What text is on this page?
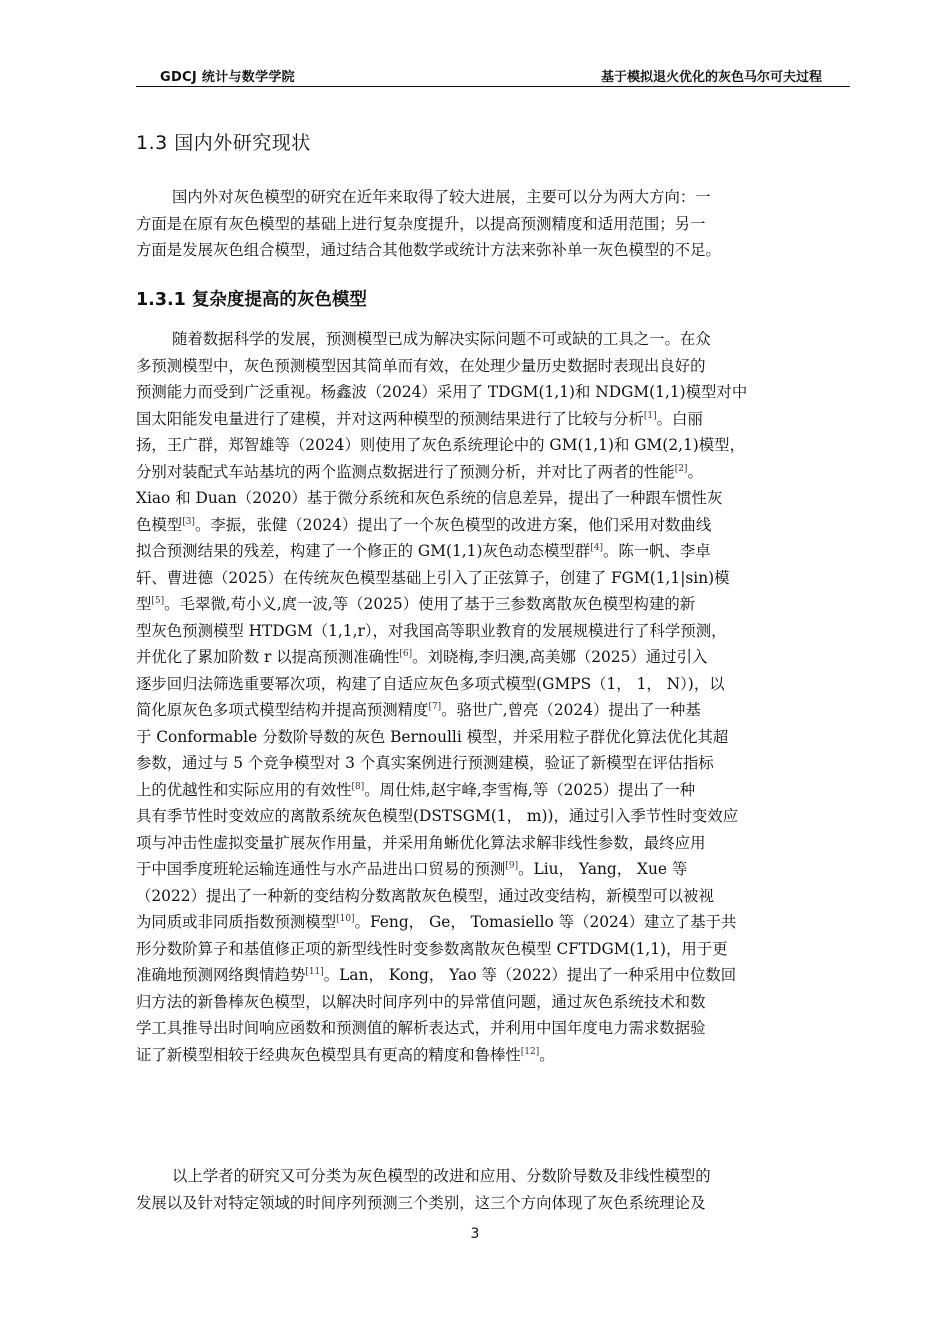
GDCJ 统计与数学学院	基于模拟退火优化的灰色马尔可夫过程
1.3 国内外研究现状
国内外对灰色模型的研究在近年来取得了较大进展，主要可以分为两大方向：一
方面是在原有灰色模型的基础上进行复杂度提升，以提高预测精度和适用范围；另一
方面是发展灰色组合模型，通过结合其他数学或统计方法来弥补单一灰色模型的不足。
1.3.1 复杂度提高的灰色模型
随着数据科学的发展，预测模型已成为解决实际问题不可或缺的工具之一。在众
多预测模型中，灰色预测模型因其简单而有效，在处理少量历史数据时表现出良好的
预测能力而受到广泛重视。杨鑫波（2024）采用了 TDGM(1,1)和 NDGM(1,1)模型对中
国太阳能发电量进行了建模，并对这两种模型的预测结果进行了比较与分析[1]。白丽
扬，王广群，郑智雄等（2024）则使用了灰色系统理论中的 GM(1,1)和 GM(2,1)模型，
分别对装配式车站基坑的两个监测点数据进行了预测分析，并对比了两者的性能[2]。
Xiao 和 Duan（2020）基于微分系统和灰色系统的信息差异，提出了一种跟车惯性灰
色模型[3]。李振，张健（2024）提出了一个灰色模型的改进方案，他们采用对数曲线
拟合预测结果的残差，构建了一个修正的 GM(1,1)灰色动态模型群[4]。陈一帆、李卓
轩、曹进德（2025）在传统灰色模型基础上引入了正弦算子，创建了 FGM(1,1|sin)模
型[5]。毛翠微,苟小义,庹一波,等（2025）使用了基于三参数离散灰色模型构建的新
型灰色预测模型 HTDGM（1,1,r），对我国高等职业教育的发展规模进行了科学预测，
并优化了累加阶数 r 以提高预测准确性[6]。刘晓梅,李归澳,高美娜（2025）通过引入
逐步回归法筛选重要幂次项，构建了自适应灰色多项式模型(GMPS（1， 1， N）)，以
简化原灰色多项式模型结构并提高预测精度[7]。骆世广,曾亮（2024）提出了一种基
于 Conformable 分数阶导数的灰色 Bernoulli 模型，并采用粒子群优化算法优化其超
参数，通过与 5 个竞争模型对 3 个真实案例进行预测建模，验证了新模型在评估指标
上的优越性和实际应用的有效性[8]。周仕炜,赵宇峰,李雪梅,等（2025）提出了一种
具有季节性时变效应的离散系统灰色模型(DSTSGM(1， m))，通过引入季节性时变效应
项与冲击性虚拟变量扩展灰作用量，并采用角蜥优化算法求解非线性参数，最终应用
于中国季度班轮运输连通性与水产品进出口贸易的预测[9]。Liu， Yang， Xue 等
（2022）提出了一种新的变结构分数离散灰色模型，通过改变结构，新模型可以被视
为同质或非同质指数预测模型[10]。Feng， Ge， Tomasiello 等（2024）建立了基于共
形分数阶算子和基值修正项的新型线性时变参数离散灰色模型 CFTDGM(1,1)，用于更
准确地预测网络舆情趋势[11]。Lan， Kong， Yao 等（2022）提出了一种采用中位数回
归方法的新鲁棒灰色模型，以解决时间序列中的异常值问题，通过灰色系统技术和数
学工具推导出时间响应函数和预测值的解析表达式，并利用中国年度电力需求数据验
证了新模型相较于经典灰色模型具有更高的精度和鲁棒性[12]。
以上学者的研究又可分类为灰色模型的改进和应用、分数阶导数及非线性模型的
发展以及针对特定领域的时间序列预测三个类别，这三个方向体现了灰色系统理论及
3
